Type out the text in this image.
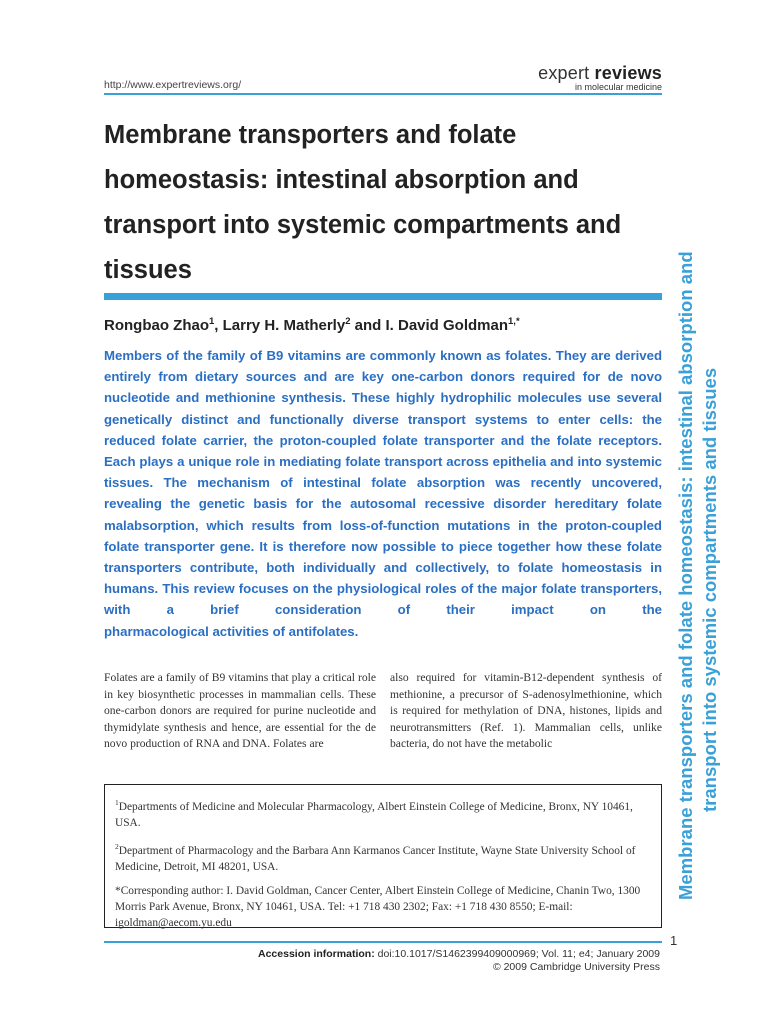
http://www.expertreviews.org/
expert reviews
in molecular medicine
Membrane transporters and folate homeostasis: intestinal absorption and transport into systemic compartments and tissues
Rongbao Zhao$^1$, Larry H. Matherly$^2$ and I. David Goldman$^{1,*}$
Members of the family of B9 vitamins are commonly known as folates. They are derived entirely from dietary sources and are key one-carbon donors required for de novo nucleotide and methionine synthesis. These highly hydrophilic molecules use several genetically distinct and functionally diverse transport systems to enter cells: the reduced folate carrier, the proton-coupled folate transporter and the folate receptors. Each plays a unique role in mediating folate transport across epithelia and into systemic tissues. The mechanism of intestinal folate absorption was recently uncovered, revealing the genetic basis for the autosomal recessive disorder hereditary folate malabsorption, which results from loss-of-function mutations in the proton-coupled folate transporter gene. It is therefore now possible to piece together how these folate transporters contribute, both individually and collectively, to folate homeostasis in humans. This review focuses on the physiological roles of the major folate transporters, with a brief consideration of their impact on the
pharmacological activities of antifolates.
Folates are a family of B9 vitamins that play a critical role in key biosynthetic processes in mammalian cells. These one-carbon donors are required for purine nucleotide and thymidylate synthesis and hence, are essential for the de novo production of RNA and DNA. Folates are
also required for vitamin-B12-dependent synthesis of methionine, a precursor of S-adenosylmethionine, which is required for methylation of DNA, histones, lipids and neurotransmitters (Ref. 1). Mammalian cells, unlike bacteria, do not have the metabolic

$^1$Departments of Medicine and Molecular Pharmacology, Albert Einstein College of Medicine, Bronx, NY 10461, USA.

$^2$Department of Pharmacology and the Barbara Ann Karmanos Cancer Institute, Wayne State University School of Medicine, Detroit, MI 48201, USA.

*Corresponding author: I. David Goldman, Cancer Center, Albert Einstein College of Medicine, Chanin Two, 1300 Morris Park Avenue, Bronx, NY 10461, USA. Tel: +1 718 430 2302; Fax: +1 718 430 8550; E-mail: igoldman@aecom.yu.edu

1
Accession information: doi:10.1017/S1462399409000969; Vol. 11; e4; January 2009
© 2009 Cambridge University Press
Membrane transporters and folate homeostasis: intestinal absorption and transport into systemic compartments and tissues
